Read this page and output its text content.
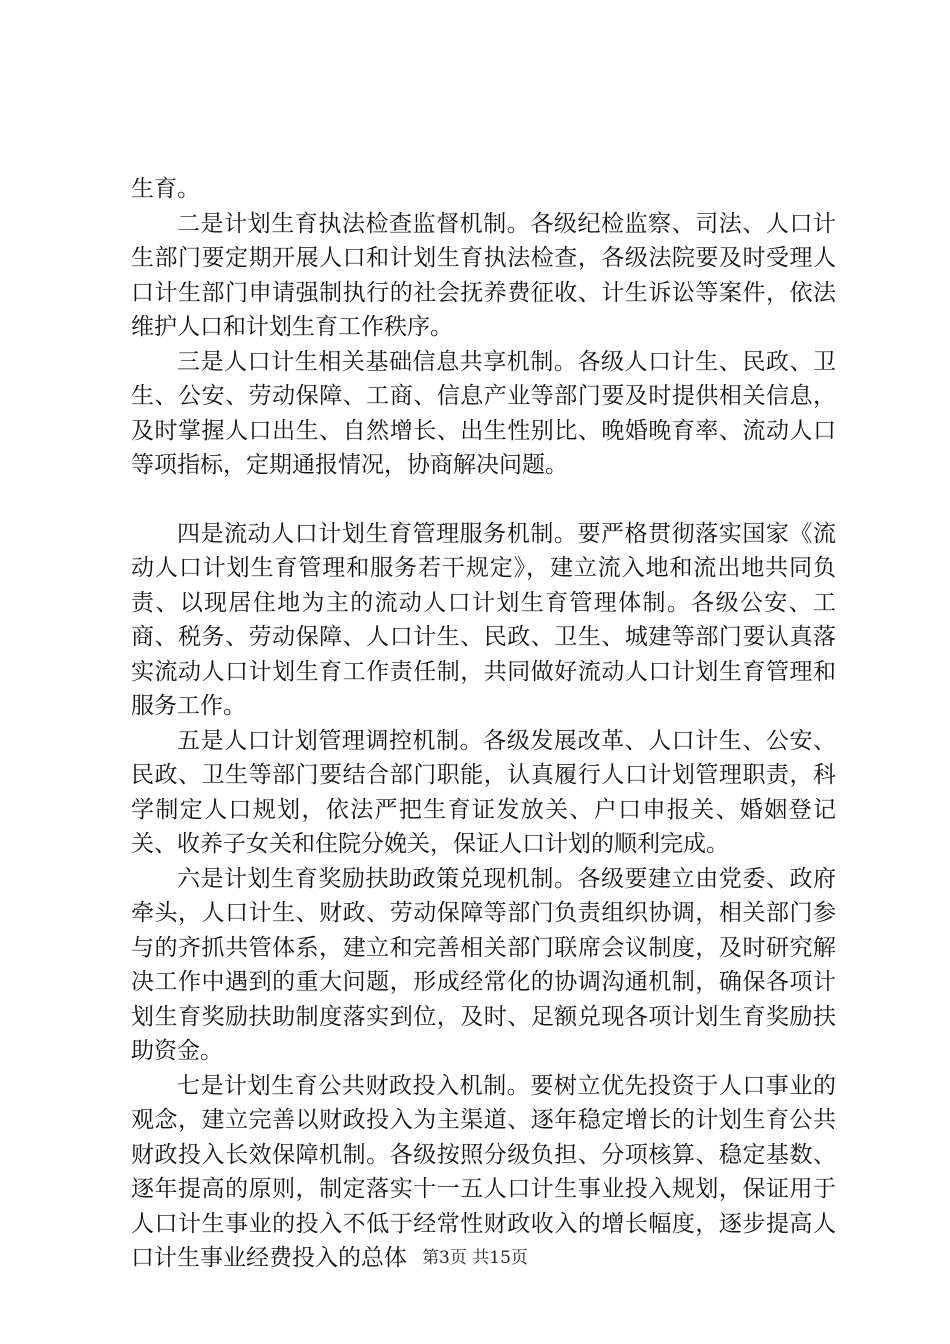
生育。

二是计划生育执法检查监督机制。各级纪检监察、司法、人口计生部门要定期开展人口和计划生育执法检查，各级法院要及时受理人口计生部门申请强制执行的社会抚养费征收、计生诉讼等案件，依法维护人口和计划生育工作秩序。

三是人口计生相关基础信息共享机制。各级人口计生、民政、卫生、公安、劳动保障、工商、信息产业等部门要及时提供相关信息，及时掌握人口出生、自然增长、出生性别比、晚婚晚育率、流动人口等项指标，定期通报情况，协商解决问题。

四是流动人口计划生育管理服务机制。要严格贯彻落实国家《流动人口计划生育管理和服务若干规定》，建立流入地和流出地共同负责、以现居住地为主的流动人口计划生育管理体制。各级公安、工商、税务、劳动保障、人口计生、民政、卫生、城建等部门要认真落实流动人口计划生育工作责任制，共同做好流动人口计划生育管理和服务工作。

五是人口计划管理调控机制。各级发展改革、人口计生、公安、民政、卫生等部门要结合部门职能，认真履行人口计划管理职责，科学制定人口规划，依法严把生育证发放关、户口申报关、婚姻登记关、收养子女关和住院分娩关，保证人口计划的顺利完成。

六是计划生育奖励扶助政策兑现机制。各级要建立由党委、政府牵头，人口计生、财政、劳动保障等部门负责组织协调，相关部门参与的齐抓共管体系，建立和完善相关部门联席会议制度，及时研究解决工作中遇到的重大问题，形成经常化的协调沟通机制，确保各项计划生育奖励扶助制度落实到位，及时、足额兑现各项计划生育奖励扶助资金。

七是计划生育公共财政投入机制。要树立优先投资于人口事业的观念，建立完善以财政投入为主渠道、逐年稳定增长的计划生育公共财政投入长效保障机制。各级按照分级负担、分项核算、稳定基数、逐年提高的原则，制定落实十一五人口计生事业投入规划，保证用于人口计生事业的投入不低于经常性财政收入的增长幅度，逐步提高人口计生事业经费投入的总体 第3页 共15页
